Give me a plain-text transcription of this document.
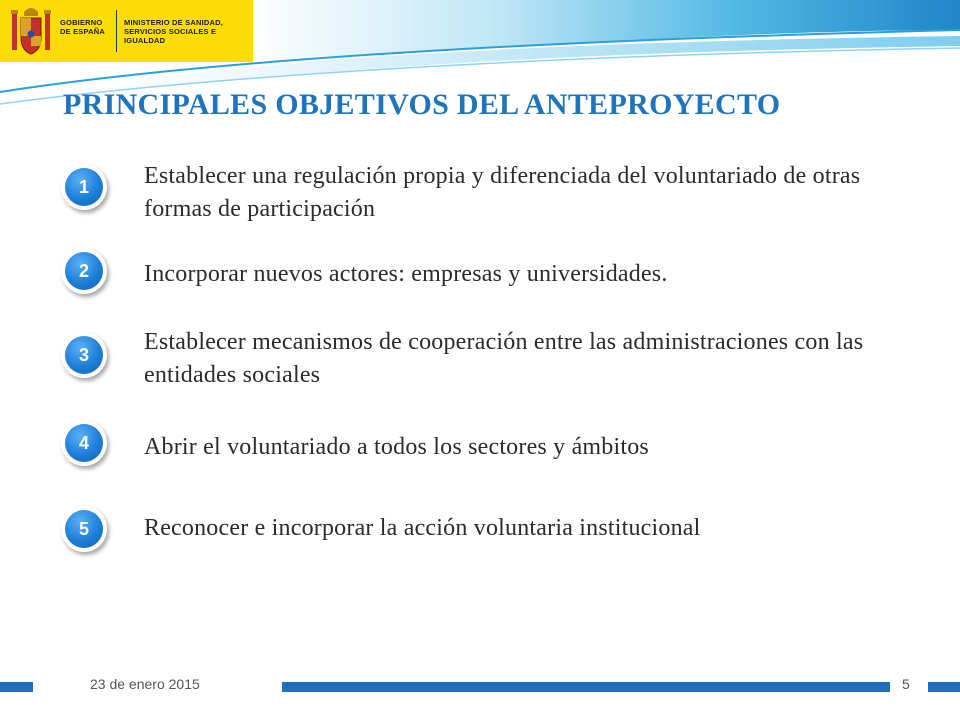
GOBIERNO DE ESPAÑA
MINISTERIO DE SANIDAD, SERVICIOS SOCIALES E IGUALDAD
PRINCIPALES OBJETIVOS DEL ANTEPROYECTO
1	Establecer una regulación propia y diferenciada del voluntariado de otras formas de participación
2	Incorporar nuevos actores: empresas y universidades.
3	Establecer mecanismos de cooperación entre las administraciones con las entidades sociales
4	Abrir el voluntariado a todos los sectores y ámbitos
5	Reconocer e incorporar la acción voluntaria institucional
23 de enero 2015	5
